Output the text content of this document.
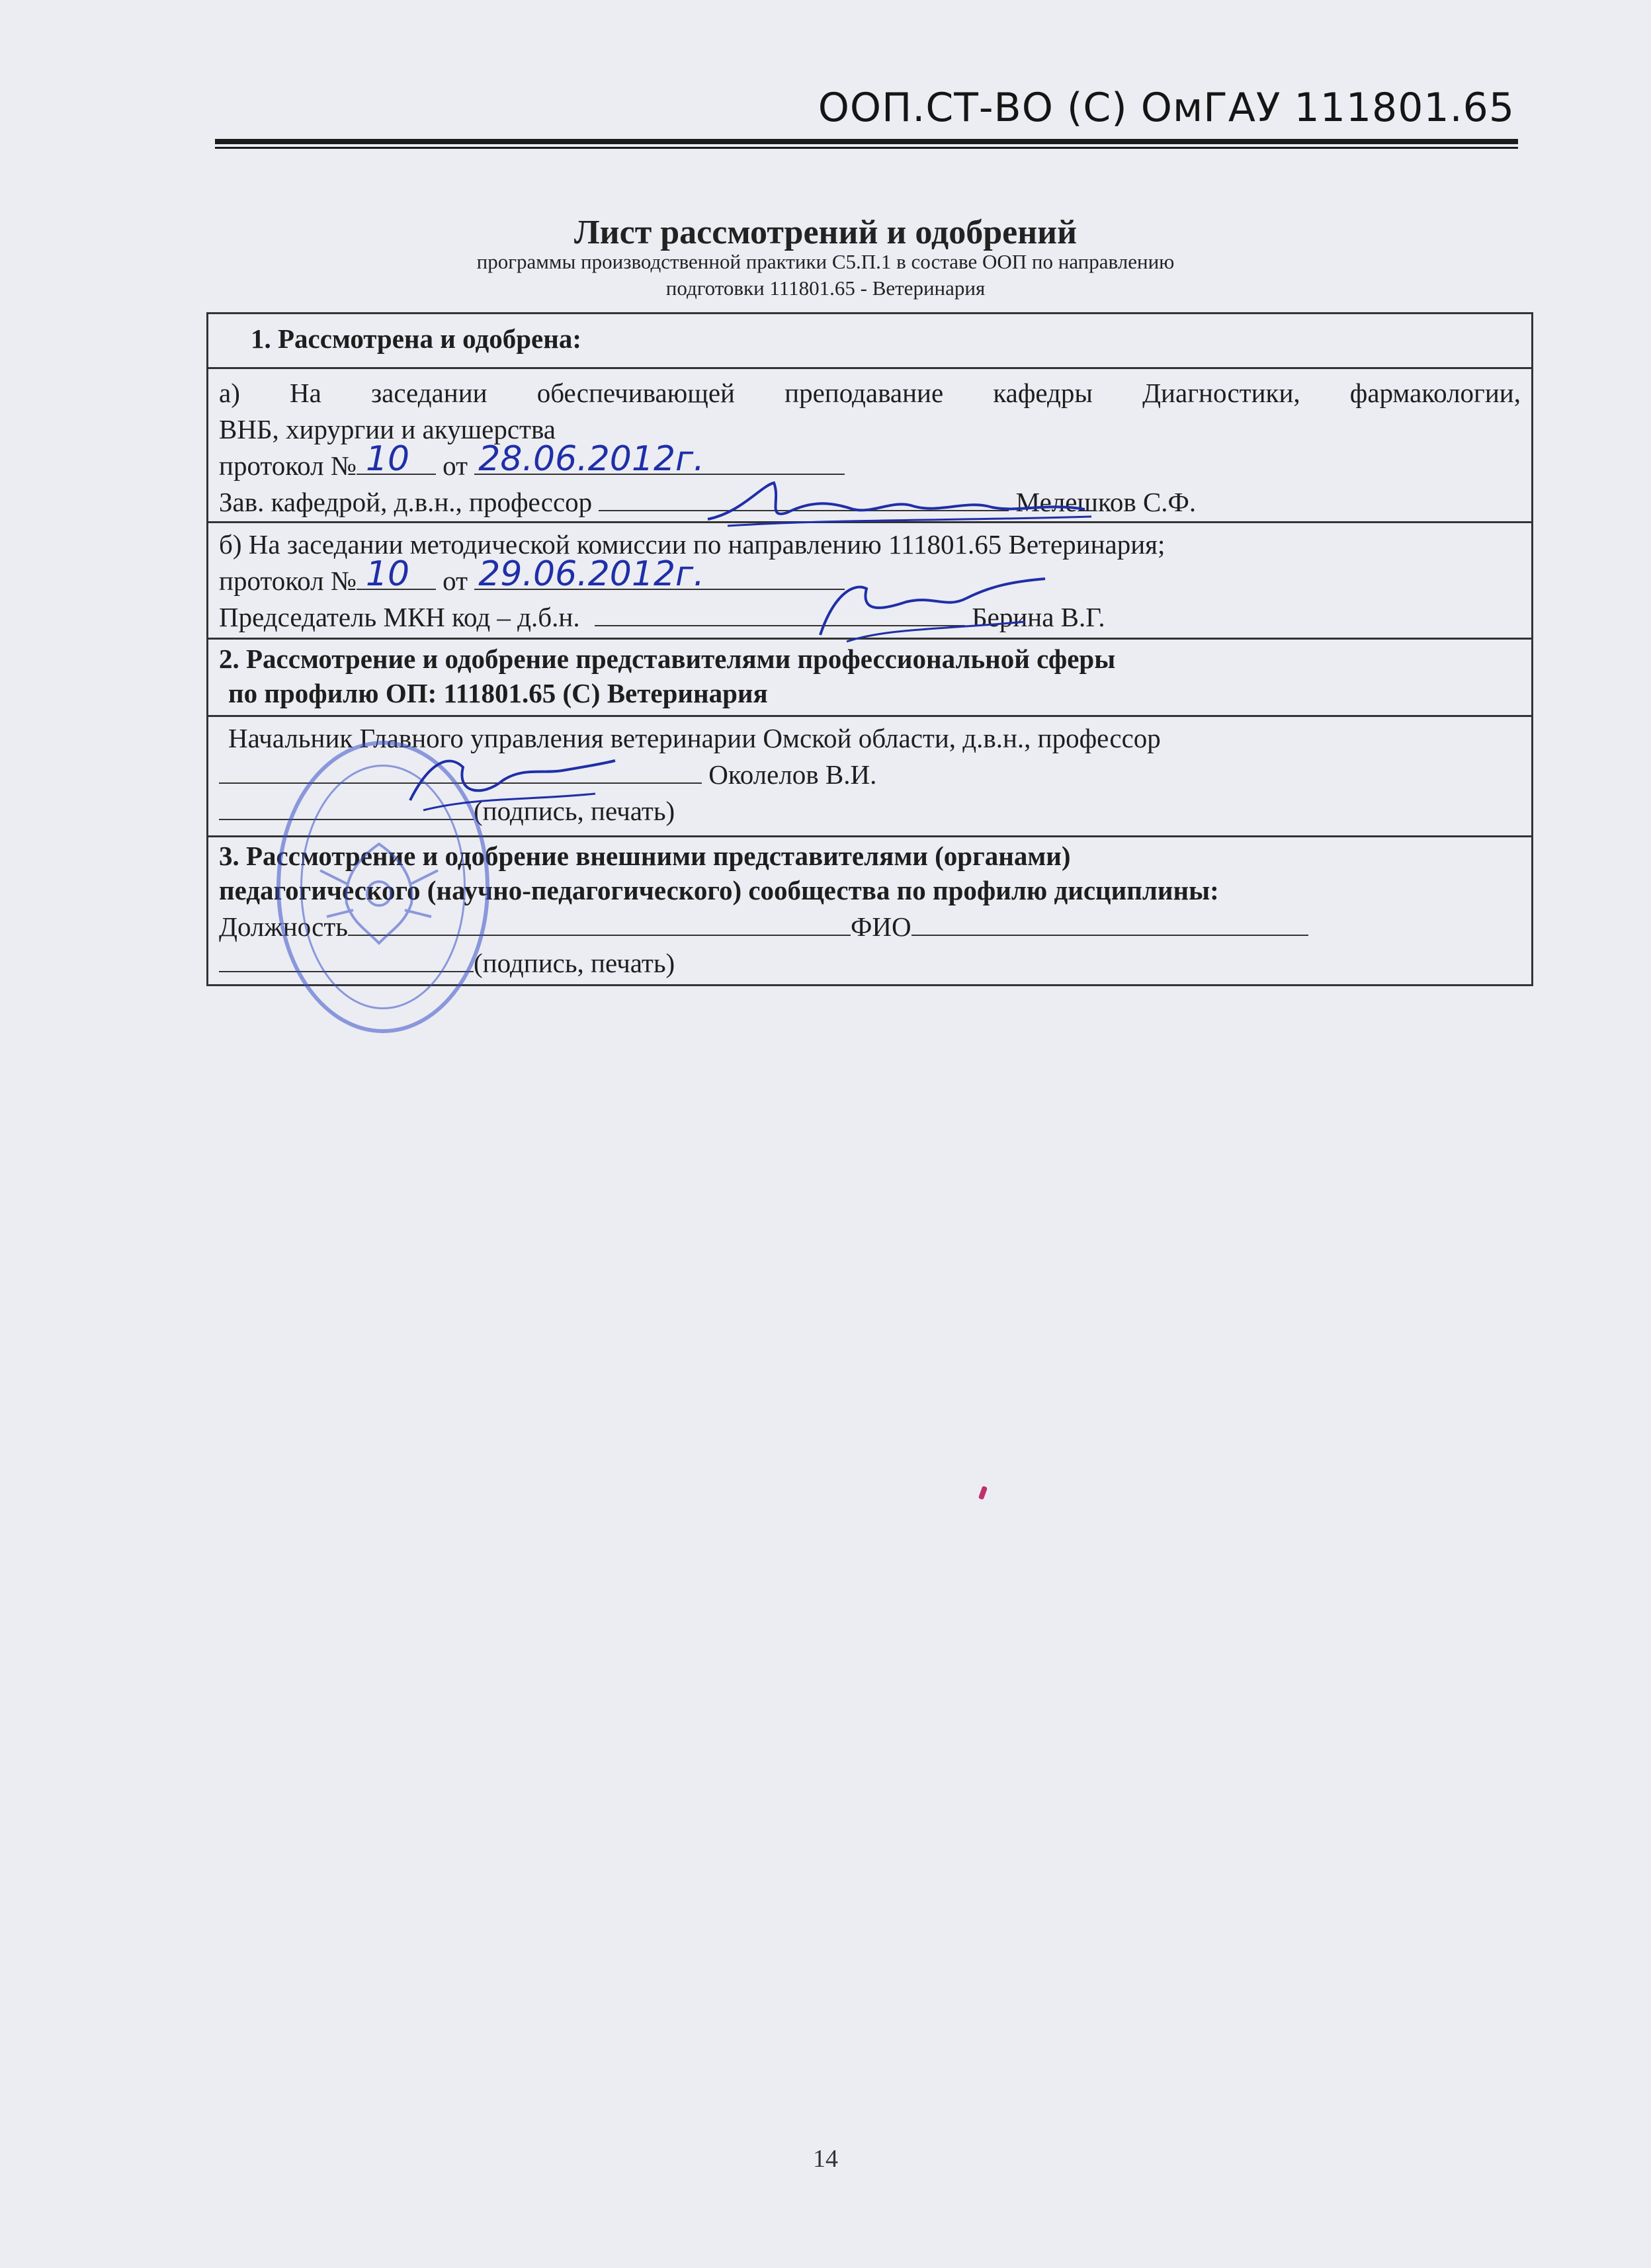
ООП.СТ-ВО (С) ОмГАУ 111801.65
Лист рассмотрений и одобрений
программы производственной практики С5.П.1 в составе ООП по направлению
подготовки 111801.65 - Ветеринария
1. Рассмотрена и одобрена:
а) На заседании обеспечивающей преподавание кафедры Диагностики, фармакологии,
ВНБ, хирургии и акушерства
протокол № 10 от 28.06.2012г.
Зав. кафедрой, д.в.н., профессор	Мелешков С.Ф.
б) На заседании методической комиссии по направлению 111801.65 Ветеринария;
протокол № 10 от 29.06.2012г.
Председатель МКН код – д.б.н.	Берина В.Г.
2. Рассмотрение и одобрение представителями профессиональной сферы
по профилю ОП: 111801.65 (С) Ветеринария
Начальник Главного управления ветеринарии Омской области, д.в.н., профессор
Околелов В.И.
(подпись, печать)
3. Рассмотрение и одобрение внешними представителями (органами)
педагогического (научно-педагогического) сообщества по профилю дисциплины:
Должность	ФИО
(подпись, печать)
14
